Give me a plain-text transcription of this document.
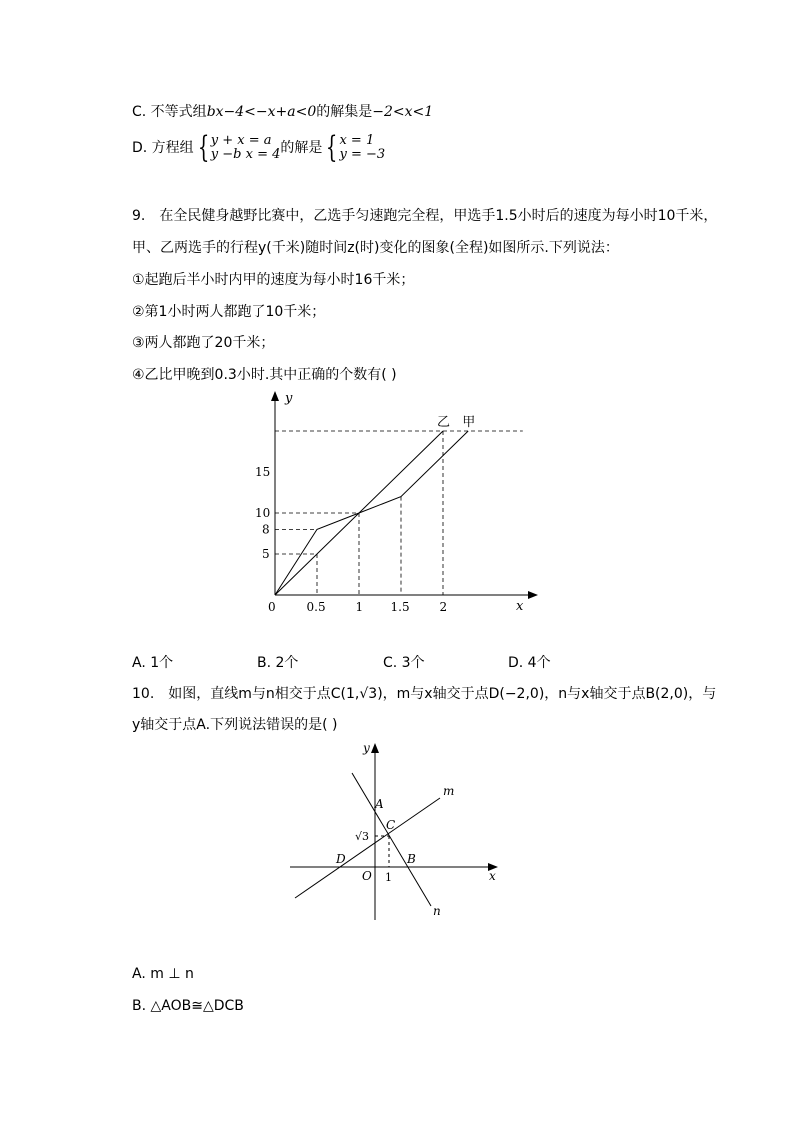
C. 不等式组bx−4<−x+a<0的解集是−2<x<1
D. 方程组 { y + x = a
y −b x = 4 的解是 { x = 1
y = −3
9.　在全民健身越野比赛中，乙选手匀速跑完全程，甲选手1.5小时后的速度为每小时10千米，
甲、乙两选手的行程y(千米)随时间z(时)变化的图象(全程)如图所示.下列说法：
①起跑后半小时内甲的速度为每小时16千米；
②第1小时两人都跑了10千米；
③两人都跑了20千米；
④乙比甲晚到0.3小时.其中正确的个数有( )
x
y
乙 甲
0	0.5 1 1.5 2
5
8
10
15
A. 1个	B. 2个	C. 3个	D. 4个
10.　如图，直线m与n相交于点C(1,√3)，m与x轴交于点D(−2,0)，n与x轴交于点B(2,0)，与
y轴交于点A.下列说法错误的是( )
y
x
m
n
A
C
B
D
O 1
√3
A. m ⊥ n
B. △AOB≅△DCB
